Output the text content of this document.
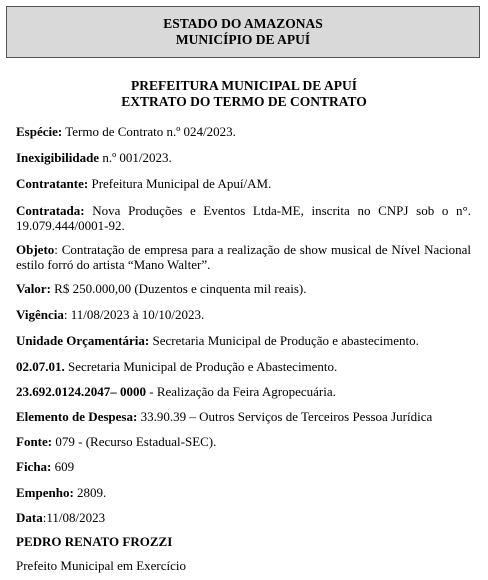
ESTADO DO AMAZONAS
MUNICÍPIO DE APUÍ
PREFEITURA MUNICIPAL DE APUÍ
EXTRATO DO TERMO DE CONTRATO

Espécie: Termo de Contrato n.º 024/2023.

Inexigibilidade n.º 001/2023.

Contratante: Prefeitura Municipal de Apuí/AM.

Contratada: Nova Produções e Eventos Ltda-ME, inscrita no CNPJ sob o n°. 19.079.444/0001-92.

Objeto: Contratação de empresa para a realização de show musical de Nível Nacional estilo forró do artista “Mano Walter”.

Valor: R$ 250.000,00 (Duzentos e cinquenta mil reais).

Vigência: 11/08/2023 à 10/10/2023.

Unidade Orçamentária: Secretaria Municipal de Produção e abastecimento.

02.07.01. Secretaria Municipal de Produção e Abastecimento.

23.692.0124.2047– 0000 - Realização da Feira Agropecuária.

Elemento de Despesa: 33.90.39 – Outros Serviços de Terceiros Pessoa Jurídica

Fonte: 079 - (Recurso Estadual-SEC).

Ficha: 609

Empenho: 2809.

Data:11/08/2023

PEDRO RENATO FROZZI
Prefeito Municipal em Exercício
